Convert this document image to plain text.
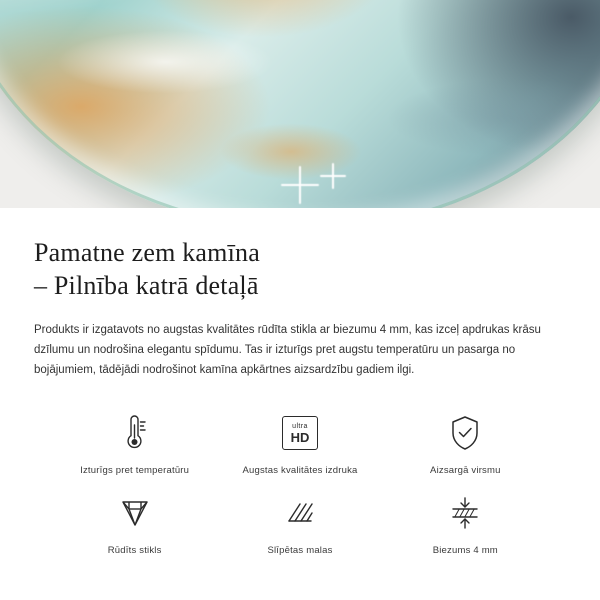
Pamatne zem kamīna
– Pilnība katrā detaļā

Produkts ir izgatavots no augstas kvalitātes rūdīta stikla ar biezumu 4 mm, kas izceļ apdrukas krāsu dzīlumu un nodrošina elegantu spīdumu. Tas ir izturīgs pret augstu temperatūru un pasarga no bojājumiem, tādējādi nodrošinot kamīna apkārtnes aizsardzību gadiem ilgi.

Izturīgs pret temperatūru
ultra
HD
Augstas kvalitātes izdruka	Aizsargā virsmu
Rūdīts stikls	Slīpētas malas	Biezums 4 mm
